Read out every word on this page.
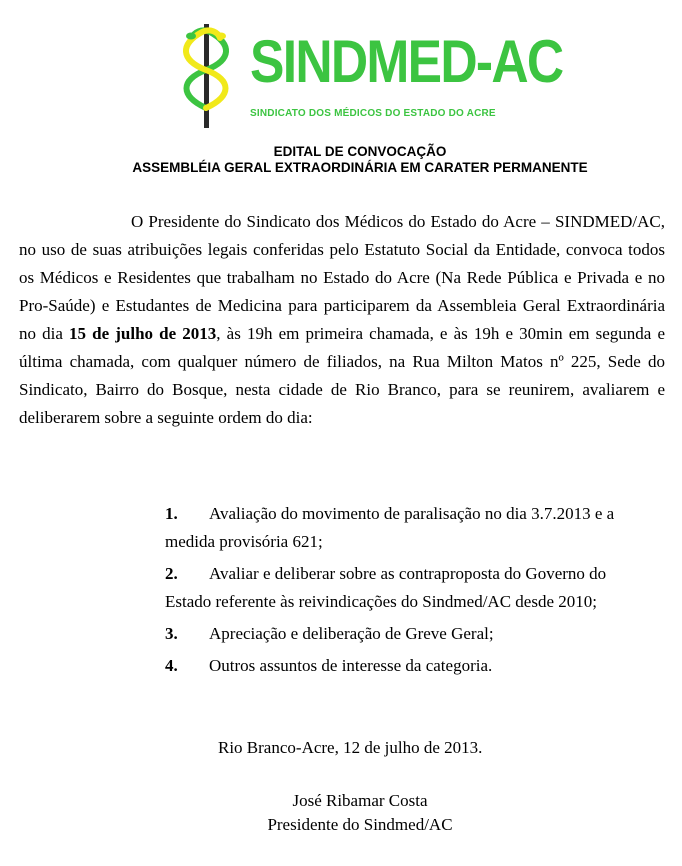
SINDMED-AC
SINDICATO DOS MÉDICOS DO ESTADO DO ACRE
EDITAL DE CONVOCAÇÃO
ASSEMBLÉIA GERAL EXTRAORDINÁRIA EM CARATER PERMANENTE
O Presidente do Sindicato dos Médicos do Estado do Acre – SINDMED/AC, no uso de suas atribuições legais conferidas pelo Estatuto Social da Entidade, convoca todos os Médicos e Residentes que trabalham no Estado do Acre (Na Rede Pública e Privada e no Pro-Saúde) e Estudantes de Medicina para participarem da Assembleia Geral Extraordinária no dia 15 de julho de 2013, às 19h em primeira chamada, e às 19h e 30min em segunda e última chamada, com qualquer número de filiados, na Rua Milton Matos nº 225, Sede do Sindicato, Bairro do Bosque, nesta cidade de Rio Branco, para se reunirem, avaliarem e deliberarem sobre a seguinte ordem do dia:
1. Avaliação do movimento de paralisação no dia 3.7.2013 e a medida provisória 621;
2. Avaliar e deliberar sobre as contraproposta do Governo do Estado referente às reivindicações do Sindmed/AC desde 2010;
3. Apreciação e deliberação de Greve Geral;
4. Outros assuntos de interesse da categoria.
Rio Branco-Acre, 12 de julho de 2013.
José Ribamar Costa
Presidente do Sindmed/AC
